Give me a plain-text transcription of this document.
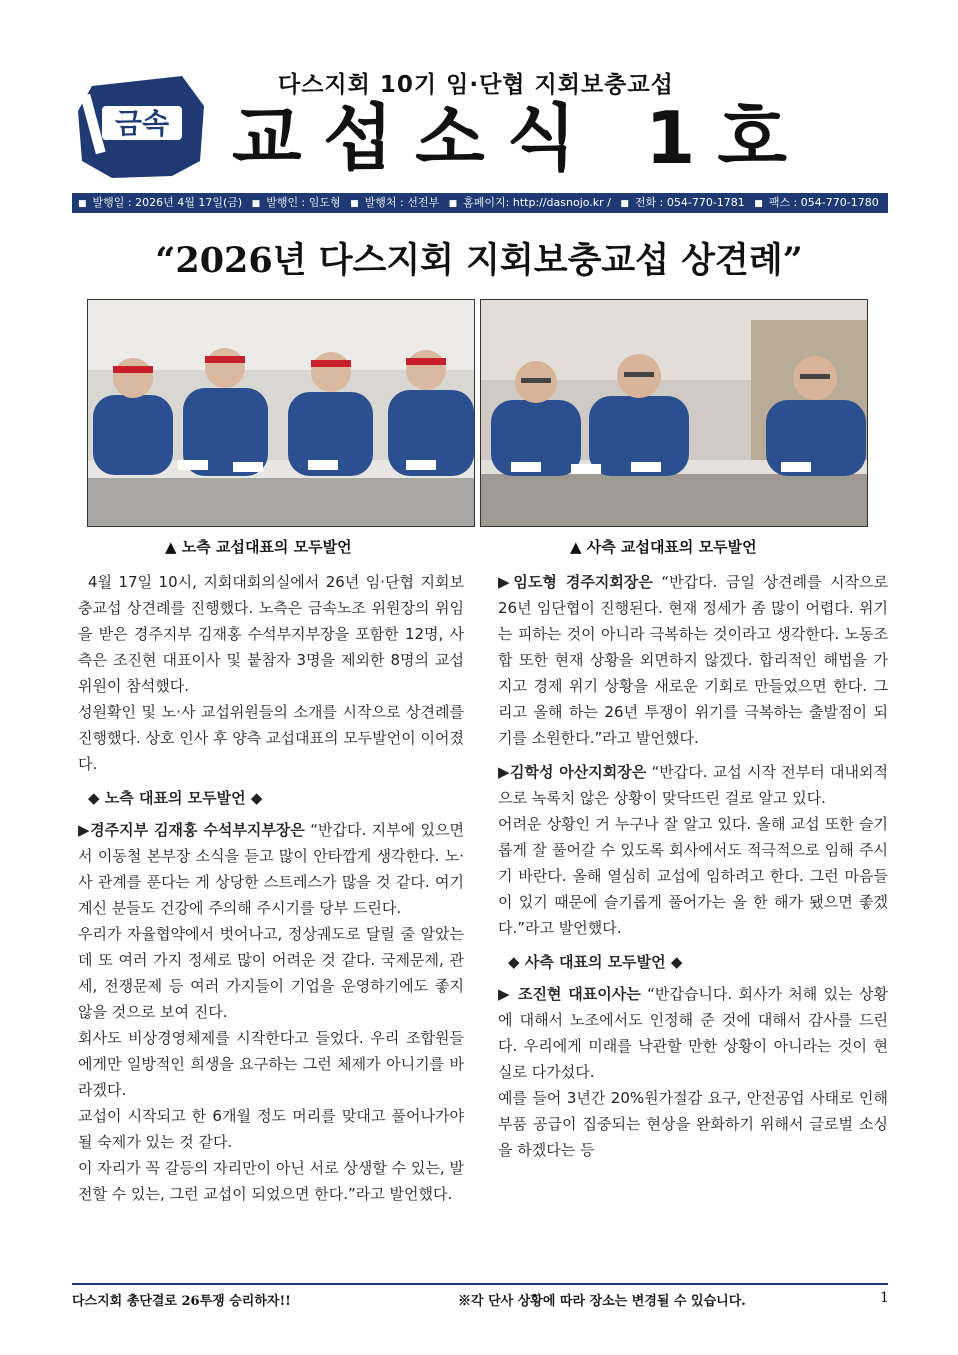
금속
다스지회 10기 임·단협 지회보충교섭
교섭소식 1호
■ 발행일 : 2026년 4월 17일(금) ■ 발행인 : 임도형 ■ 발행처 : 선전부 ■ 홈페이지: http://dasnojo.kr / ■ 전화 : 054-770-1781 ■ 팩스 : 054-770-1780
“2026년 다스지회 지회보충교섭 상견례”
▲ 노측 교섭대표의 모두발언	▲ 사측 교섭대표의 모두발언

4월 17일 10시, 지회대회의실에서 26년 임·단협 지회보충교섭 상견례를 진행했다. 노측은 금속노조 위원장의 위임을 받은 경주지부 김재홍 수석부지부장을 포함한 12명, 사측은 조진현 대표이사 및 붙참자 3명을 제외한 8명의 교섭위원이 참석했다.

성원확인 및 노·사 교섭위원들의 소개를 시작으로 상견례를 진행했다. 상호 인사 후 양측 교섭대표의 모두발언이 이어졌다.

◆ 노측 대표의 모두발언 ◆

▶경주지부 김재홍 수석부지부장은 “반갑다. 지부에 있으면서 이동철 본부장 소식을 듣고 많이 안타깝게 생각한다. 노·사 관계를 푼다는 게 상당한 스트레스가 많을 것 같다. 여기 계신 분들도 건강에 주의해 주시기를 당부 드린다.

우리가 자율협약에서 벗어나고, 정상궤도로 달릴 줄 알았는데 또 여러 가지 정세로 많이 어려운 것 같다. 국제문제, 관세, 전쟁문제 등 여러 가지들이 기업을 운영하기에도 좋지 않을 것으로 보여 진다.

회사도 비상경영체제를 시작한다고 들었다. 우리 조합원들에게만 일방적인 희생을 요구하는 그런 체제가 아니기를 바라겠다.

교섭이 시작되고 한 6개월 정도 머리를 맞대고 풀어나가야 될 숙제가 있는 것 같다.

이 자리가 꼭 갈등의 자리만이 아닌 서로 상생할 수 있는, 발전할 수 있는, 그런 교섭이 되었으면 한다.”라고 발언했다.

▶임도형 경주지회장은 “반갑다. 금일 상견례를 시작으로 26년 임단협이 진행된다. 현재 정세가 좀 많이 어렵다. 위기는 피하는 것이 아니라 극복하는 것이라고 생각한다. 노동조합 또한 현재 상황을 외면하지 않겠다. 합리적인 해법을 가지고 경제 위기 상황을 새로운 기회로 만들었으면 한다. 그리고 올해 하는 26년 투쟁이 위기를 극복하는 출발점이 되기를 소원한다.”라고 발언했다.

▶김학성 아산지회장은 “반갑다. 교섭 시작 전부터 대내외적으로 녹록치 않은 상황이 맞닥뜨린 걸로 알고 있다.

어려운 상황인 거 누구나 잘 알고 있다. 올해 교섭 또한 슬기롭게 잘 풀어갈 수 있도록 회사에서도 적극적으로 임해 주시기 바란다. 올해 열심히 교섭에 임하려고 한다. 그런 마음들이 있기 때문에 슬기롭게 풀어가는 올 한 해가 됐으면 좋겠다.”라고 발언했다.

◆ 사측 대표의 모두발언 ◆

▶ 조진현 대표이사는 “반갑습니다. 회사가 처해 있는 상황에 대해서 노조에서도 인정해 준 것에 대해서 감사를 드린다. 우리에게 미래를 낙관할 만한 상황이 아니라는 것이 현실로 다가섰다.

예를 들어 3년간 20%원가절감 요구, 안전공업 사태로 인해 부품 공급이 집중되는 현상을 완화하기 위해서 글로벌 소싱을 하겠다는 등

다스지회 총단결로 26투쟁 승리하자!!	※각 단사 상황에 따라 장소는 변경될 수 있습니다.	1
